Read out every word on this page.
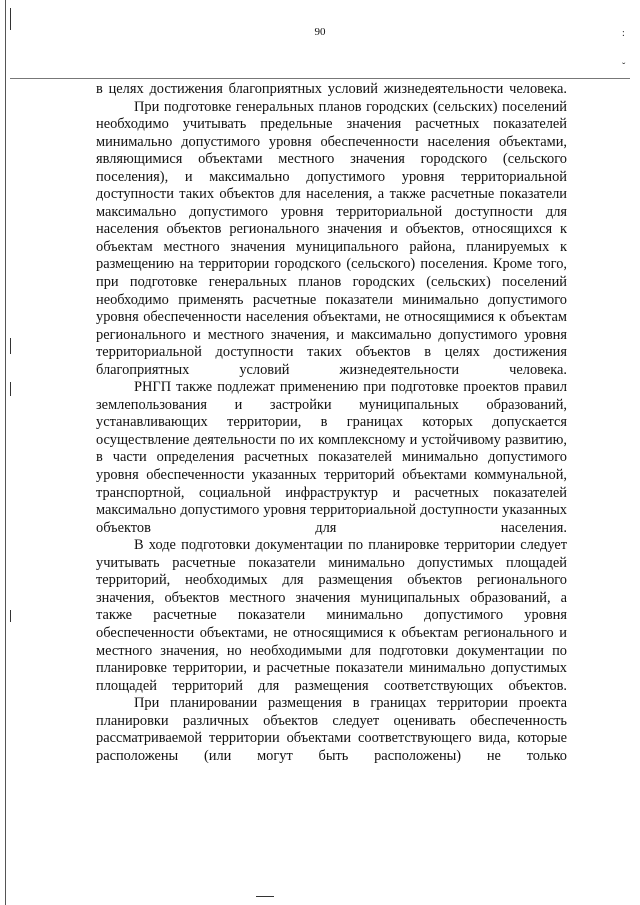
:
ˇ
90

в целях достижения благоприятных условий жизнедеятельности человека.

При подготовке генеральных планов городских (сельских) поселений необходимо учитывать предельные значения расчетных показателей минимально допустимого уровня обеспеченности населения объектами, являющимися объектами местного значения городского (сельского поселения), и максимально допустимого уровня территориальной доступности таких объектов для населения, а также расчетные показатели максимально допустимого уровня территориальной доступности для населения объектов регионального значения и объектов, относящихся к объектам местного значения муниципального района, планируемых к размещению на территории городского (сельского) поселения. Кроме того, при подготовке генеральных планов городских (сельских) поселений необходимо применять расчетные показатели минимально допустимого уровня обеспеченности населения объектами, не относящимися к объектам регионального и местного значения, и максимально допустимого уровня территориальной доступности таких объектов в целях достижения благоприятных условий жизнедеятельности человека.

РНГП также подлежат применению при подготовке проектов правил землепользования и застройки муниципальных образований, устанавливающих территории, в границах которых допускается осуществление деятельности по их комплексному и устойчивому развитию, в части определения расчетных показателей минимально допустимого уровня обеспеченности указанных территорий объектами коммунальной, транспортной, социальной инфраструктур и расчетных показателей максимально допустимого уровня территориальной доступности указанных объектов для населения.

В ходе подготовки документации по планировке территории следует учитывать расчетные показатели минимально допустимых площадей территорий, необходимых для размещения объектов регионального значения, объектов местного значения муниципальных образований, а также расчетные показатели минимально допустимого уровня обеспеченности объектами, не относящимися к объектам регионального и местного значения, но необходимыми для подготовки документации по планировке территории, и расчетные показатели минимально допустимых площадей территорий для размещения соответствующих объектов.

При планировании размещения в границах территории проекта планировки различных объектов следует оценивать обеспеченность рассматриваемой территории объектами соответствующего вида, которые расположены (или могут быть расположены) не только
